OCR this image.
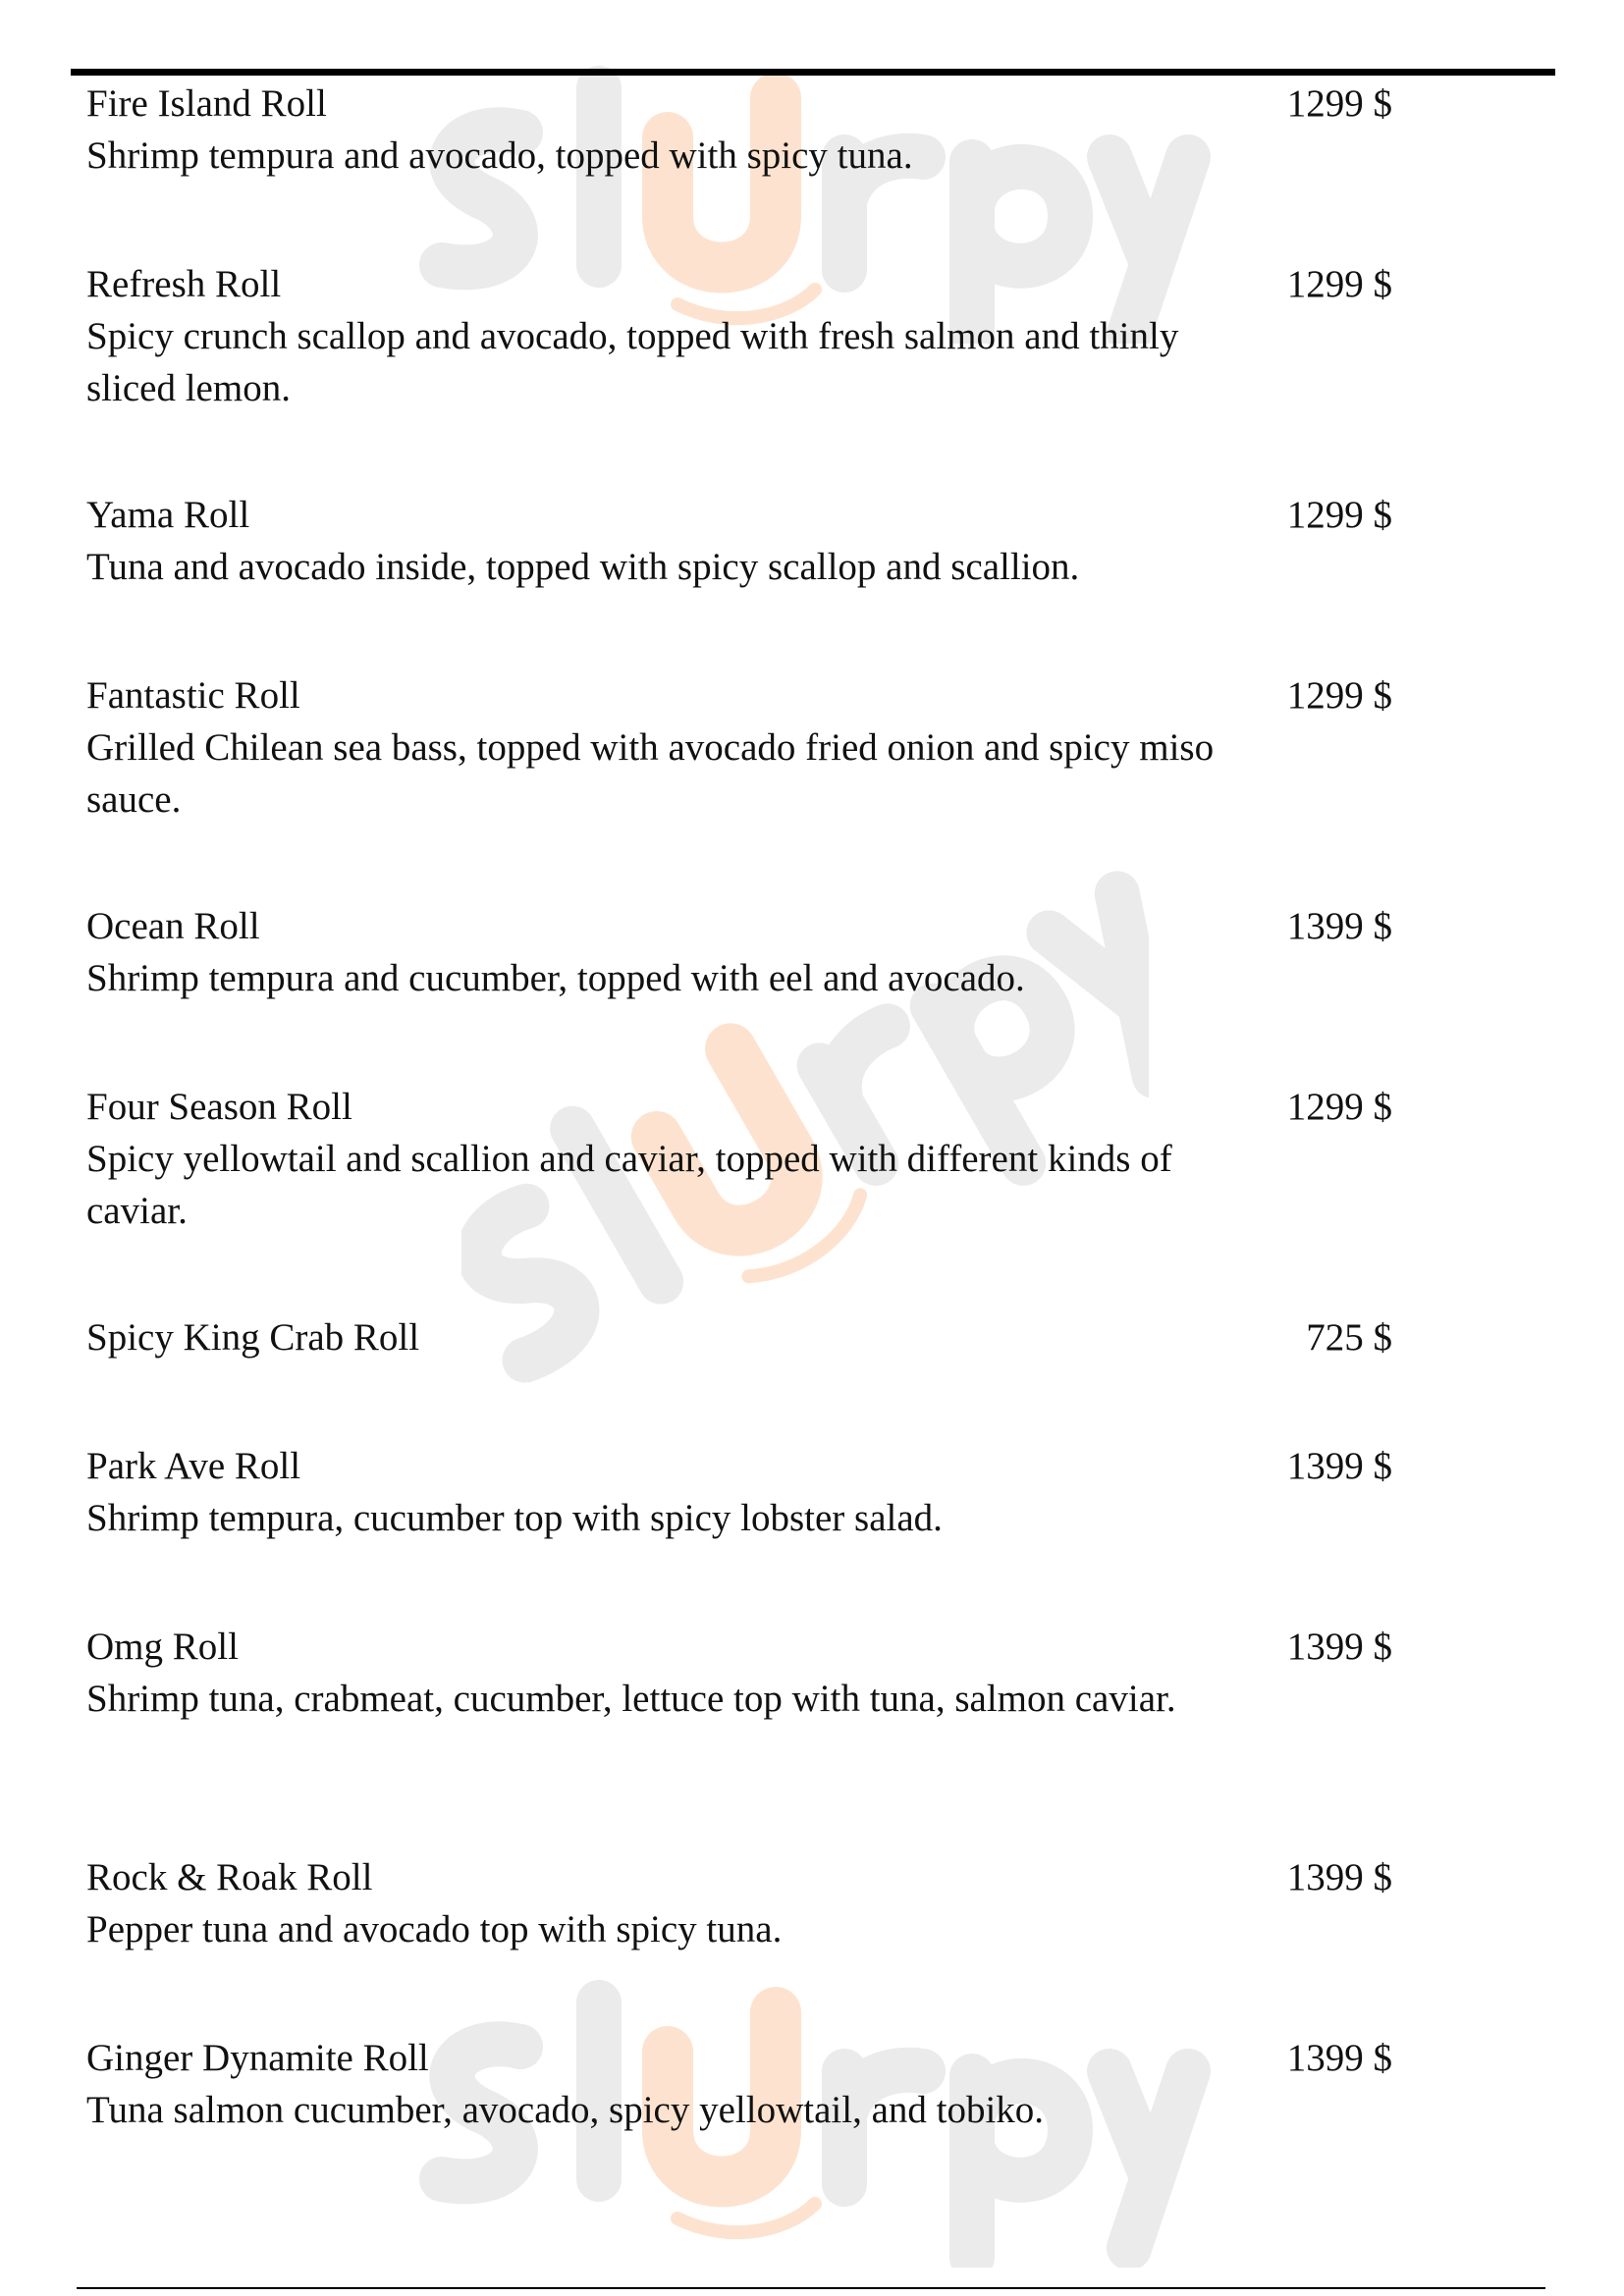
Fire Island Roll

Shrimp tempura and avocado, topped with spicy tuna.

1299 $

Refresh Roll

Spicy crunch scallop and avocado, topped with fresh salmon and thinly sliced lemon.

1299 $

Yama Roll

Tuna and avocado inside, topped with spicy scallop and scallion.

1299 $

Fantastic Roll

Grilled Chilean sea bass, topped with avocado fried onion and spicy miso sauce.

1299 $

Ocean Roll

Shrimp tempura and cucumber, topped with eel and avocado.

1399 $

Four Season Roll

Spicy yellowtail and scallion and caviar, topped with different kinds of caviar.

1299 $

Spicy King Crab Roll	725 $

Park Ave Roll

Shrimp tempura, cucumber top with spicy lobster salad.

1399 $

Omg Roll

Shrimp tuna, crabmeat, cucumber, lettuce top with tuna, salmon caviar.

1399 $

Rock & Roak Roll

Pepper tuna and avocado top with spicy tuna.

1399 $

Ginger Dynamite Roll

Tuna salmon cucumber, avocado, spicy yellowtail, and tobiko.

1399 $
